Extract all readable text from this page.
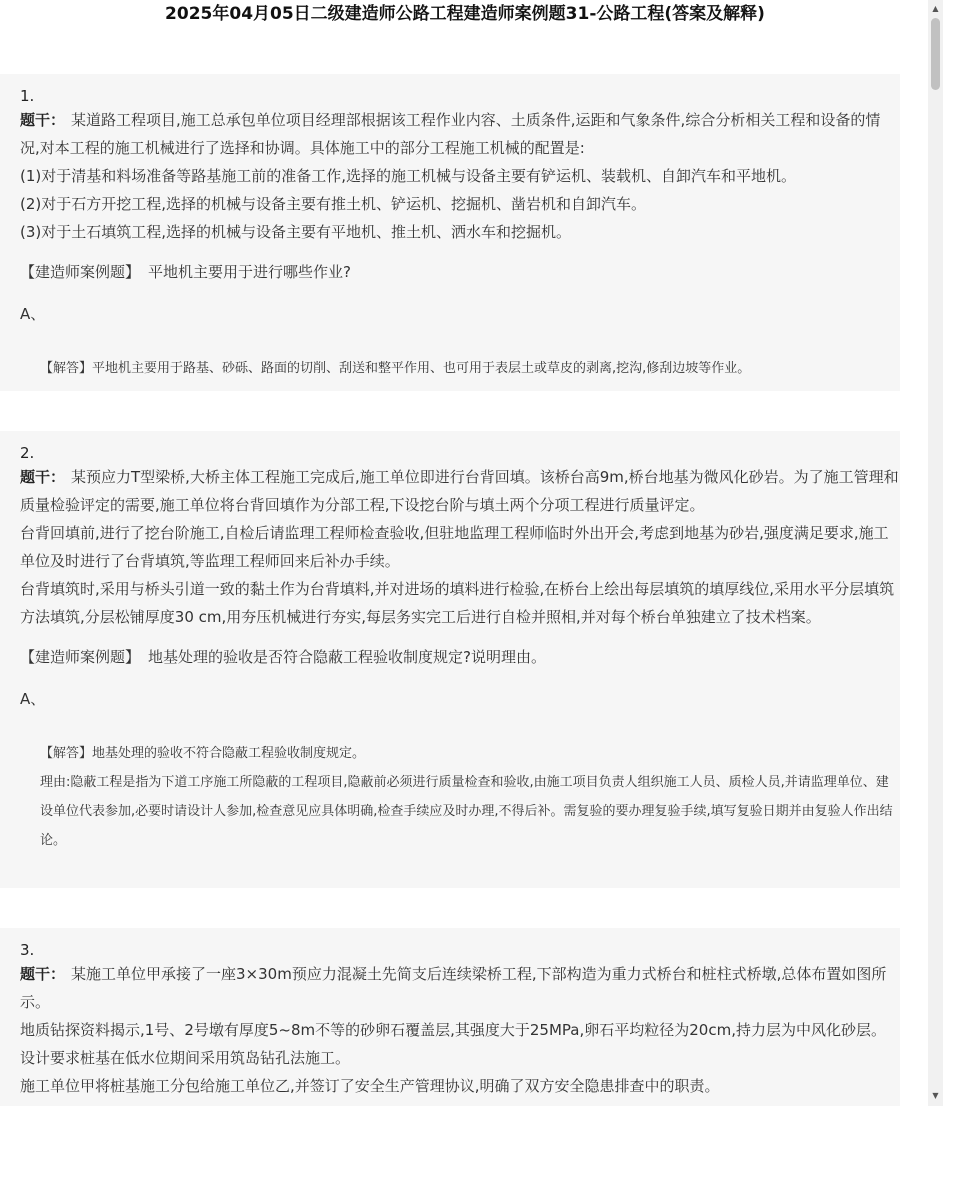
2025年04月05日二级建造师公路工程建造师案例题31-公路工程(答案及解释)
1.

题干： 某道路工程项目,施工总承包单位项目经理部根据该工程作业内容、土质条件,运距和气象条件,综合分析相关工程和设备的情况,对本工程的施工机械进行了选择和协调。具体施工中的部分工程施工机械的配置是:

(1)对于清基和料场准备等路基施工前的准备工作,选择的施工机械与设备主要有铲运机、装载机、自卸汽车和平地机。

(2)对于石方开挖工程,选择的机械与设备主要有推土机、铲运机、挖掘机、凿岩机和自卸汽车。

(3)对于土石填筑工程,选择的机械与设备主要有平地机、推土机、洒水车和挖掘机。

【建造师案例题】 平地机主要用于进行哪些作业?

A、

【解答】平地机主要用于路基、砂砾、路面的切削、刮送和整平作用、也可用于表层土或草皮的剥离,挖沟,修刮边坡等作业。

2.

题干： 某预应力T型梁桥,大桥主体工程施工完成后,施工单位即进行台背回填。该桥台高9m,桥台地基为微风化砂岩。为了施工管理和质量检验评定的需要,施工单位将台背回填作为分部工程,下设挖台阶与填土两个分项工程进行质量评定。

台背回填前,进行了挖台阶施工,自检后请监理工程师检查验收,但驻地监理工程师临时外出开会,考虑到地基为砂岩,强度满足要求,施工单位及时进行了台背填筑,等监理工程师回来后补办手续。

台背填筑时,采用与桥头引道一致的黏土作为台背填料,并对进场的填料进行检验,在桥台上绘出每层填筑的填厚线位,采用水平分层填筑方法填筑,分层松铺厚度30 cm,用夯压机械进行夯实,每层务实完工后进行自检并照相,并对每个桥台单独建立了技术档案。

【建造师案例题】 地基处理的验收是否符合隐蔽工程验收制度规定?说明理由。

A、

【解答】地基处理的验收不符合隐蔽工程验收制度规定。

理由:隐蔽工程是指为下道工序施工所隐蔽的工程项目,隐蔽前必须进行质量检查和验收,由施工项目负责人组织施工人员、质检人员,并请监理单位、建设单位代表参加,必要时请设计人参加,检查意见应具体明确,检查手续应及时办理,不得后补。需复验的要办理复验手续,填写复验日期并由复验人作出结论。

3.

题干： 某施工单位甲承接了一座3×30m预应力混凝土先简支后连续梁桥工程,下部构造为重力式桥台和桩柱式桥墩,总体布置如图所示。

地质钻探资料揭示,1号、2号墩有厚度5~8m不等的砂卵石覆盖层,其强度大于25MPa,卵石平均粒径为20cm,持力层为中风化砂层。设计要求桩基在低水位期间采用筑岛钻孔法施工。

施工单位甲将桩基施工分包给施工单位乙,并签订了安全生产管理协议,明确了双方安全隐患排查中的职责。

▲
▼
